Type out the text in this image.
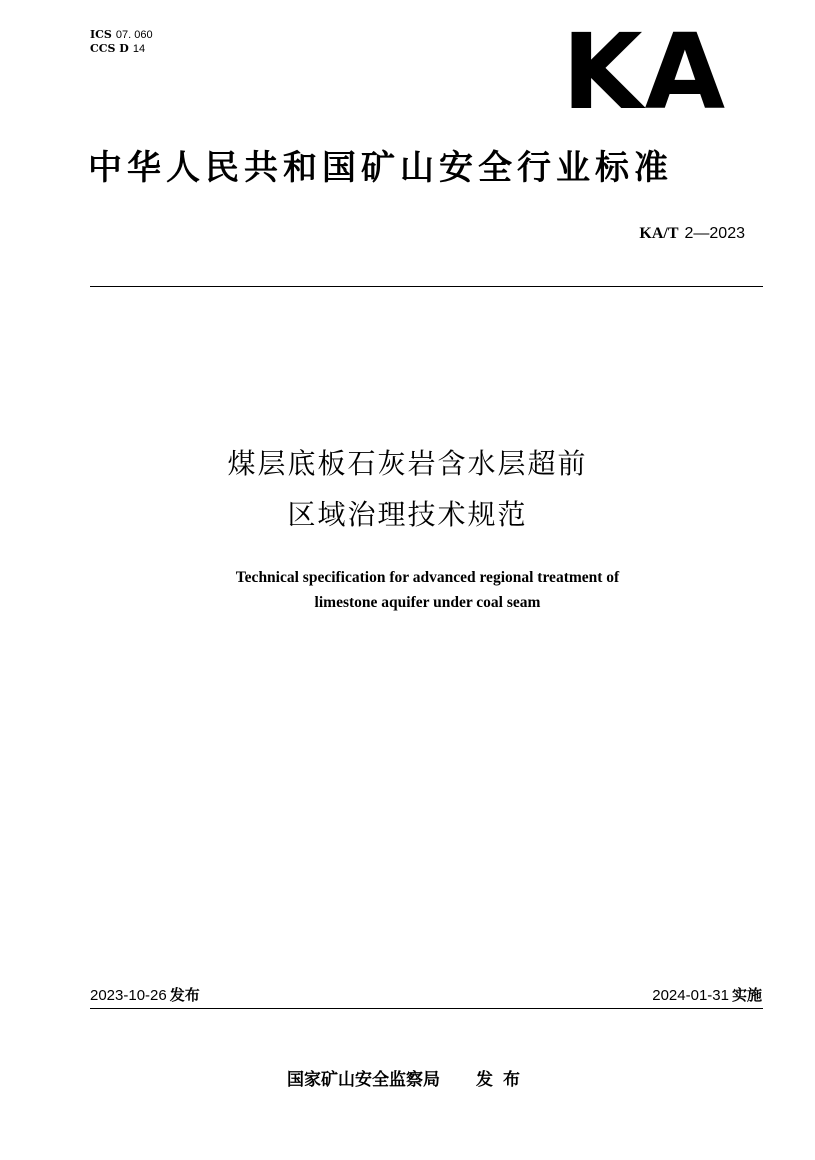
ICS 07. 060
CCS D 14	KA
中华人民共和国矿山安全行业标准
KA/T 2—2023
煤层底板石灰岩含水层超前
区域治理技术规范
Technical specification for advanced regional treatment of
limestone aquifer under coal seam
2023-10-26 发布	2024-01-31 实施
国家矿山安全监察局 发布
